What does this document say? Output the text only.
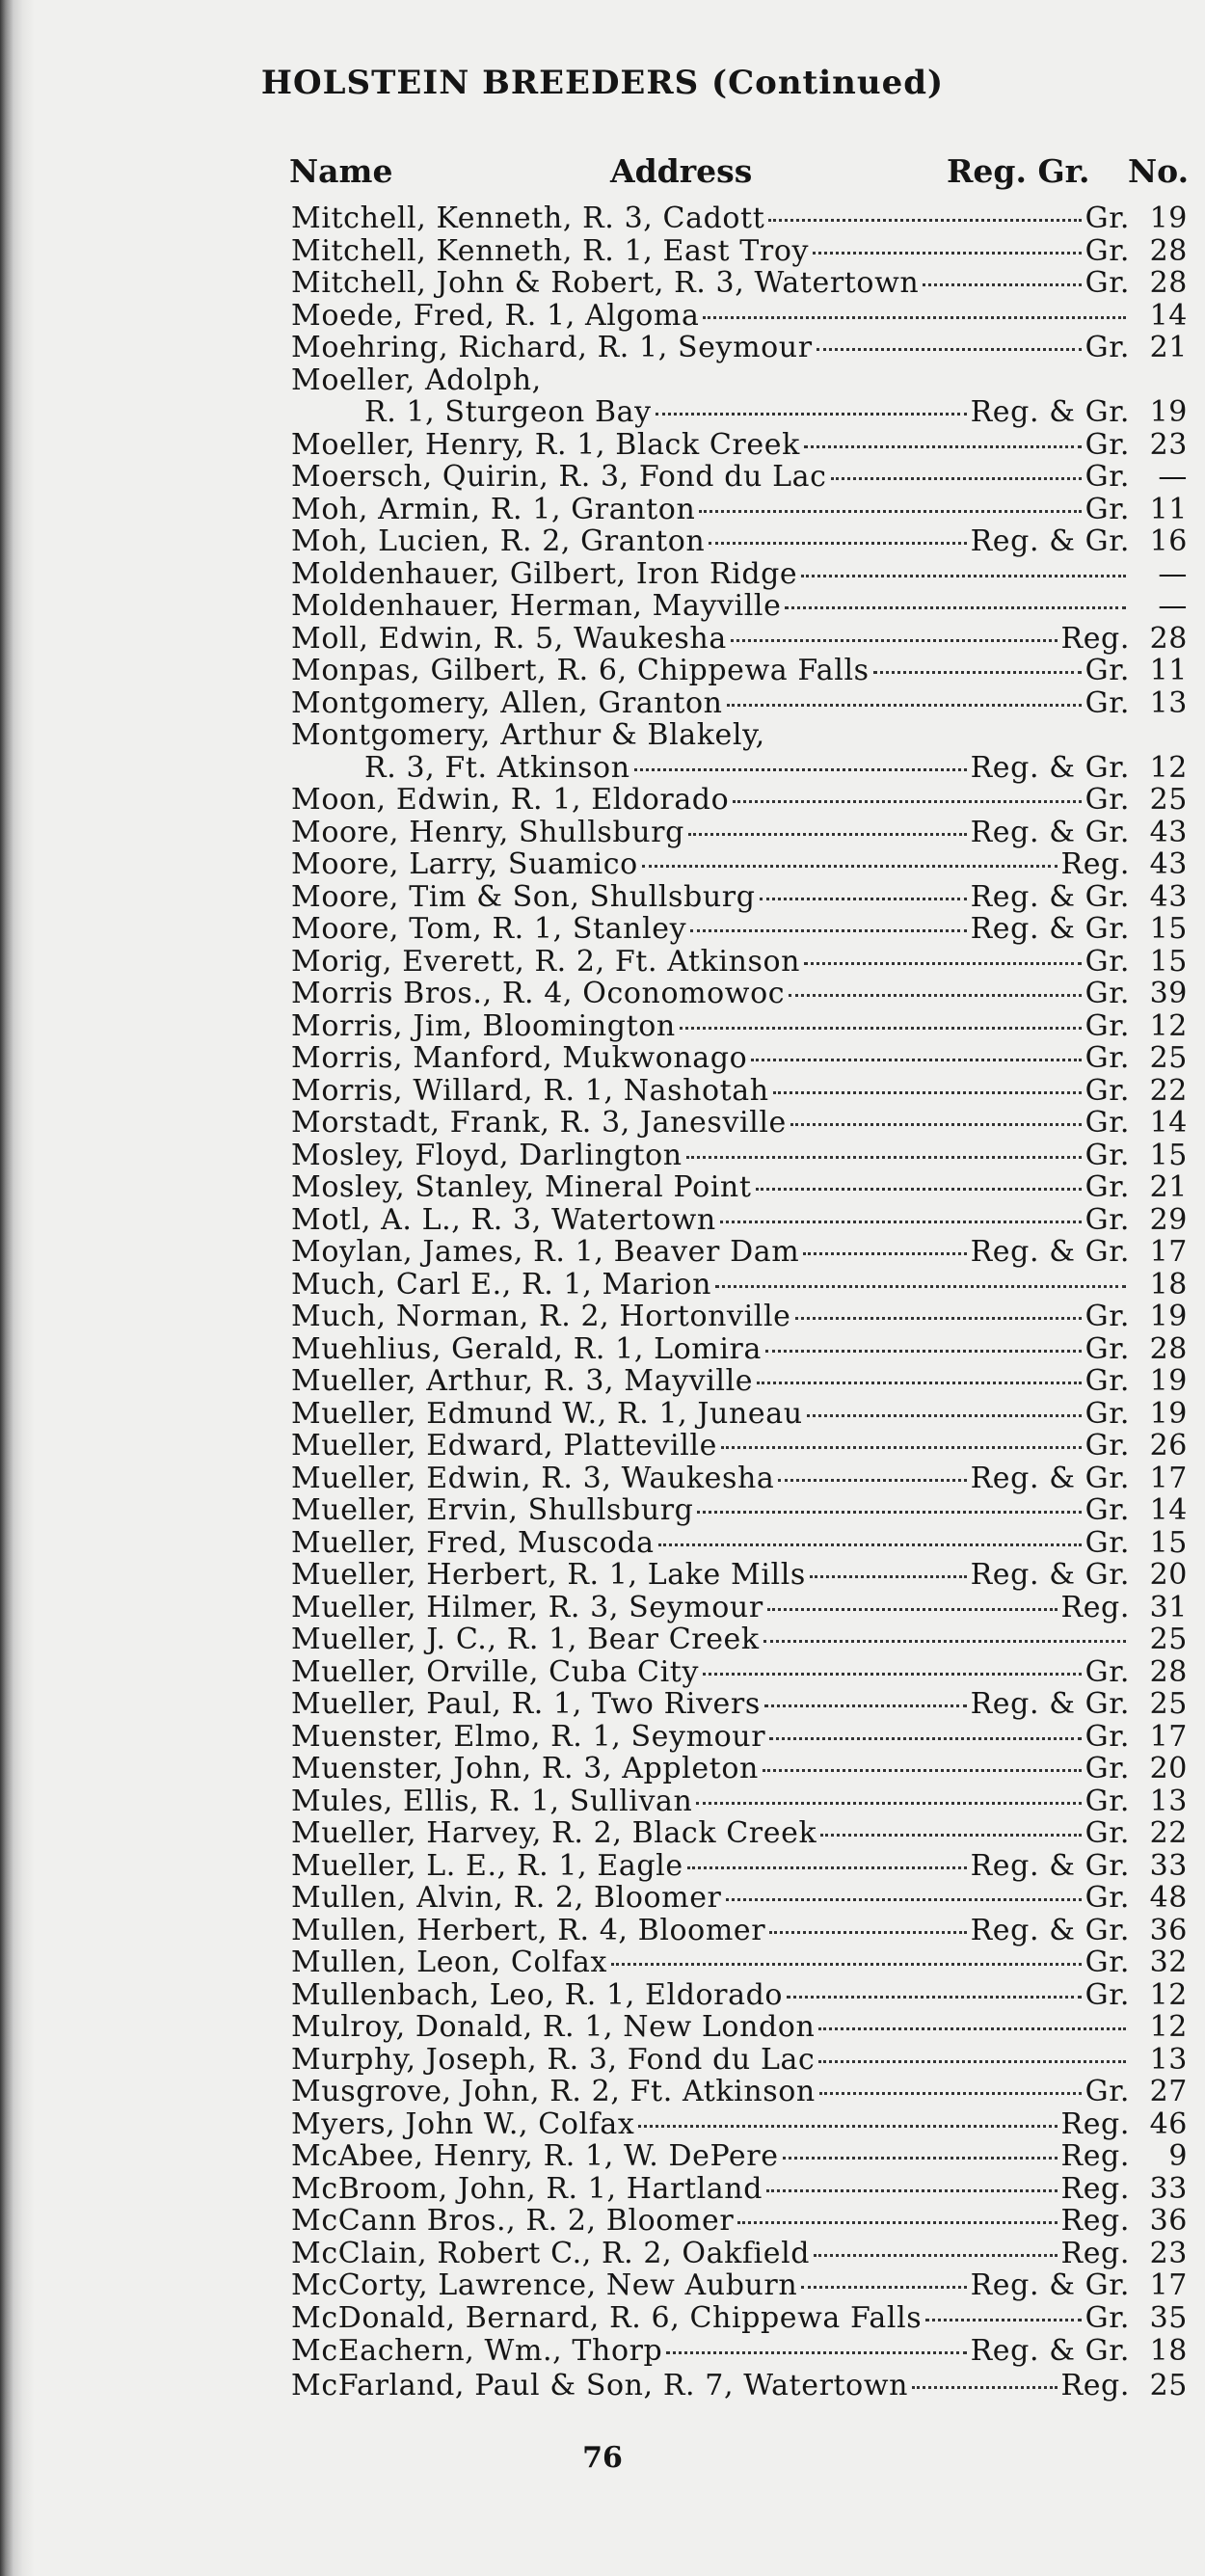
HOLSTEIN BREEDERS (Continued)
Name	Address	Reg. Gr. No.
Mitchell, Kenneth, R. 3, Cadott	Gr. 19
Mitchell, Kenneth, R. 1, East Troy	Gr. 28
Mitchell, John & Robert, R. 3, Watertown	Gr. 28
Moede, Fred, R. 1, Algoma	14
Moehring, Richard, R. 1, Seymour	Gr. 21
Moeller, Adolph,
R. 1, Sturgeon Bay	Reg. & Gr. 19
Moeller, Henry, R. 1, Black Creek	Gr. 23
Moersch, Quirin, R. 3, Fond du Lac	Gr. —
Moh, Armin, R. 1, Granton	Gr. 11
Moh, Lucien, R. 2, Granton	Reg. & Gr. 16
Moldenhauer, Gilbert, Iron Ridge	—
Moldenhauer, Herman, Mayville	—
Moll, Edwin, R. 5, Waukesha	Reg. 28
Monpas, Gilbert, R. 6, Chippewa Falls	Gr. 11
Montgomery, Allen, Granton	Gr. 13
Montgomery, Arthur & Blakely,
R. 3, Ft. Atkinson	Reg. & Gr. 12
Moon, Edwin, R. 1, Eldorado	Gr. 25
Moore, Henry, Shullsburg	Reg. & Gr. 43
Moore, Larry, Suamico	Reg. 43
Moore, Tim & Son, Shullsburg	Reg. & Gr. 43
Moore, Tom, R. 1, Stanley	Reg. & Gr. 15
Morig, Everett, R. 2, Ft. Atkinson	Gr. 15
Morris Bros., R. 4, Oconomowoc	Gr. 39
Morris, Jim, Bloomington	Gr. 12
Morris, Manford, Mukwonago	Gr. 25
Morris, Willard, R. 1, Nashotah	Gr. 22
Morstadt, Frank, R. 3, Janesville	Gr. 14
Mosley, Floyd, Darlington	Gr. 15
Mosley, Stanley, Mineral Point	Gr. 21
Motl, A. L., R. 3, Watertown	Gr. 29
Moylan, James, R. 1, Beaver Dam	Reg. & Gr. 17
Much, Carl E., R. 1, Marion	18
Much, Norman, R. 2, Hortonville	Gr. 19
Muehlius, Gerald, R. 1, Lomira	Gr. 28
Mueller, Arthur, R. 3, Mayville	Gr. 19
Mueller, Edmund W., R. 1, Juneau	Gr. 19
Mueller, Edward, Platteville	Gr. 26
Mueller, Edwin, R. 3, Waukesha	Reg. & Gr. 17
Mueller, Ervin, Shullsburg	Gr. 14
Mueller, Fred, Muscoda	Gr. 15
Mueller, Herbert, R. 1, Lake Mills	Reg. & Gr. 20
Mueller, Hilmer, R. 3, Seymour	Reg. 31
Mueller, J. C., R. 1, Bear Creek	25
Mueller, Orville, Cuba City	Gr. 28
Mueller, Paul, R. 1, Two Rivers	Reg. & Gr. 25
Muenster, Elmo, R. 1, Seymour	Gr. 17
Muenster, John, R. 3, Appleton	Gr. 20
Mules, Ellis, R. 1, Sullivan	Gr. 13
Mueller, Harvey, R. 2, Black Creek	Gr. 22
Mueller, L. E., R. 1, Eagle	Reg. & Gr. 33
Mullen, Alvin, R. 2, Bloomer	Gr. 48
Mullen, Herbert, R. 4, Bloomer	Reg. & Gr. 36
Mullen, Leon, Colfax	Gr. 32
Mullenbach, Leo, R. 1, Eldorado	Gr. 12
Mulroy, Donald, R. 1, New London	12
Murphy, Joseph, R. 3, Fond du Lac	13
Musgrove, John, R. 2, Ft. Atkinson	Gr. 27
Myers, John W., Colfax	Reg. 46
McAbee, Henry, R. 1, W. DePere	Reg.	9
McBroom, John, R. 1, Hartland	Reg. 33
McCann Bros., R. 2, Bloomer	Reg. 36
McClain, Robert C., R. 2, Oakfield	Reg. 23
McCorty, Lawrence, New Auburn	Reg. & Gr. 17
McDonald, Bernard, R. 6, Chippewa Falls	Gr. 35
McEachern, Wm., Thorp	Reg. & Gr. 18
McFarland, Paul & Son, R. 7, Watertown	Reg. 25
76
